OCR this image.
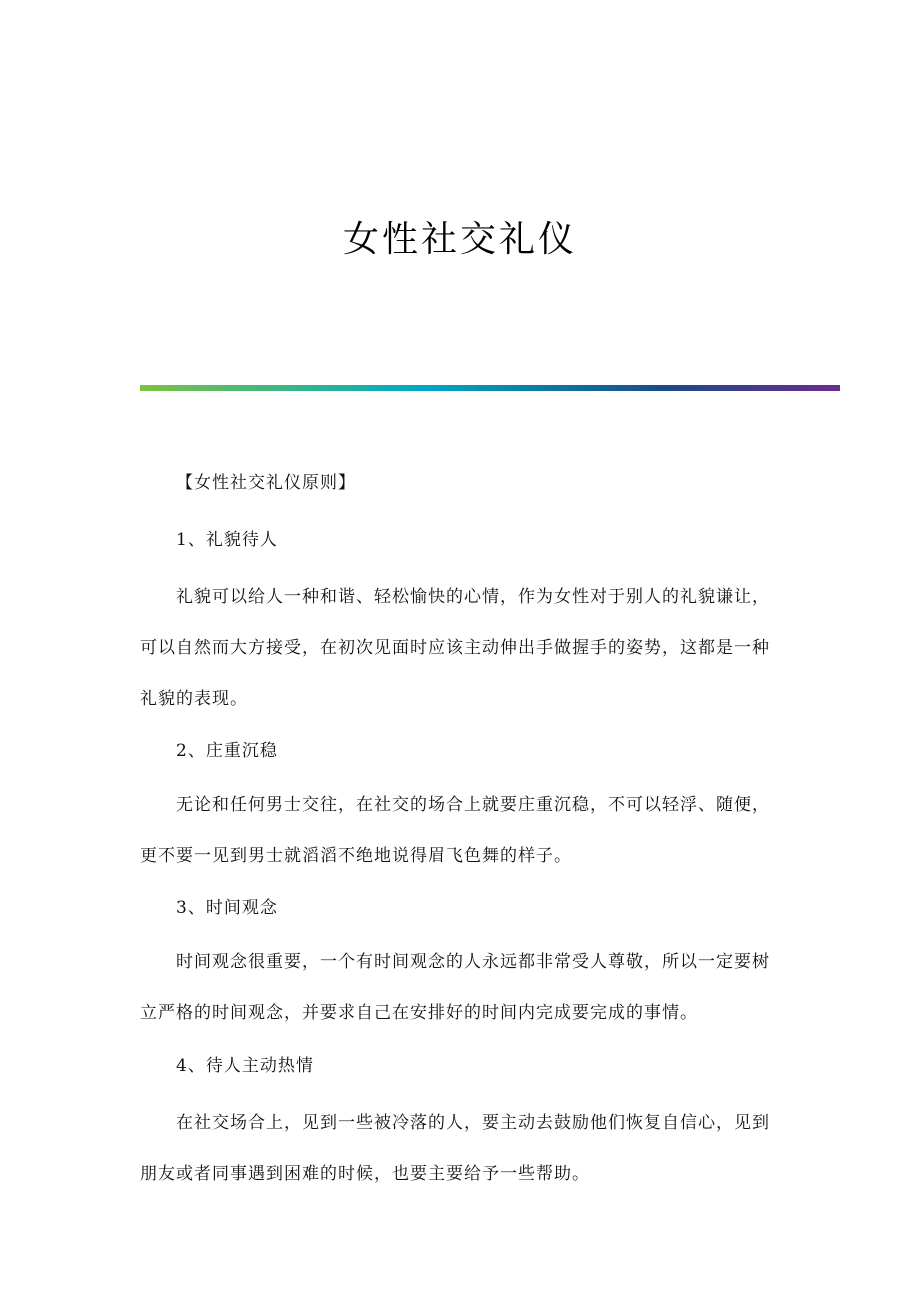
女性社交礼仪

【女性社交礼仪原则】

1、礼貌待人

礼貌可以给人一种和谐、轻松愉快的心情，作为女性对于别人的礼貌谦让，可以自然而大方接受，在初次见面时应该主动伸出手做握手的姿势，这都是一种礼貌的表现。

2、庄重沉稳

无论和任何男士交往，在社交的场合上就要庄重沉稳，不可以轻浮、随便，更不要一见到男士就滔滔不绝地说得眉飞色舞的样子。

3、时间观念

时间观念很重要，一个有时间观念的人永远都非常受人尊敬，所以一定要树立严格的时间观念，并要求自己在安排好的时间内完成要完成的事情。

4、待人主动热情

在社交场合上，见到一些被冷落的人，要主动去鼓励他们恢复自信心，见到朋友或者同事遇到困难的时候，也要主要给予一些帮助。
